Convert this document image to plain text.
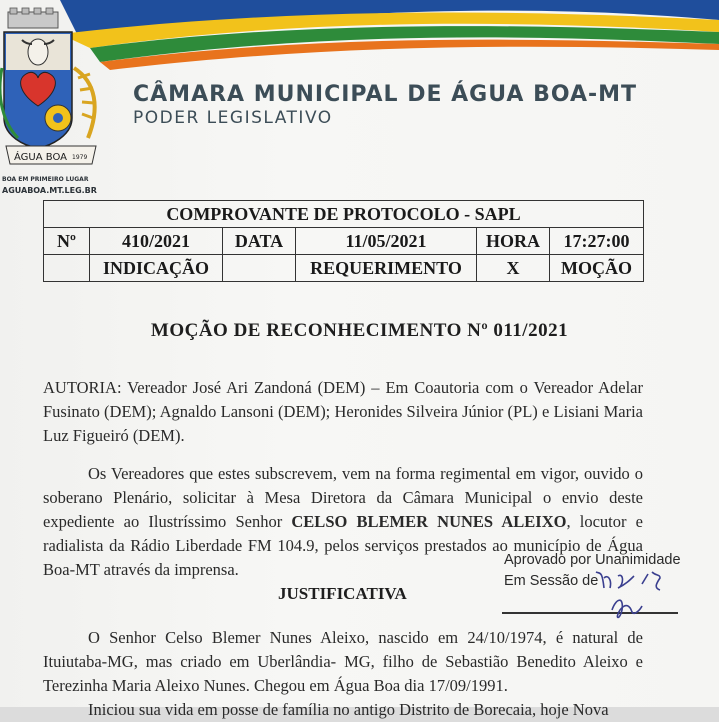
ÁGUA BOA 1979
CÂMARA MUNICIPAL DE ÁGUA BOA-MT
PODER LEGISLATIVO
BOA EM PRIMEIRO LUGAR
AGUABOA.MT.LEG.BR
COMPROVANTE DE PROTOCOLO - SAPL					
Nº	410/2021	DATA	11/05/2021	HORA	17:27:00
	INDICAÇÃO		REQUERIMENTO	X	MOÇÃO
MOÇÃO DE RECONHECIMENTO Nº 011/2021
AUTORIA: Vereador José Ari Zandoná (DEM) – Em Coautoria com o Vereador Adelar Fusinato (DEM); Agnaldo Lansoni (DEM); Heronides Silveira Júnior (PL) e Lisiani Maria Luz Figueiró (DEM).
Os Vereadores que estes subscrevem, vem na forma regimental em vigor, ouvido o soberano Plenário, solicitar à Mesa Diretora da Câmara Municipal o envio deste expediente ao Ilustríssimo Senhor CELSO BLEMER NUNES ALEIXO, locutor e radialista da Rádio Liberdade FM 104.9, pelos serviços prestados ao município de Água Boa-MT através da imprensa.
JUSTIFICATIVA
O Senhor Celso Blemer Nunes Aleixo, nascido em 24/10/1974, é natural de Ituiutaba-MG, mas criado em Uberlândia- MG, filho de Sebastião Benedito Aleixo e Terezinha Maria Aleixo Nunes. Chegou em Água Boa dia 17/09/1991.
Iniciou sua vida em posse de família no antigo Distrito de Borecaia, hoje Nova
Aprovado por Unanimidade
Em Sessão de
